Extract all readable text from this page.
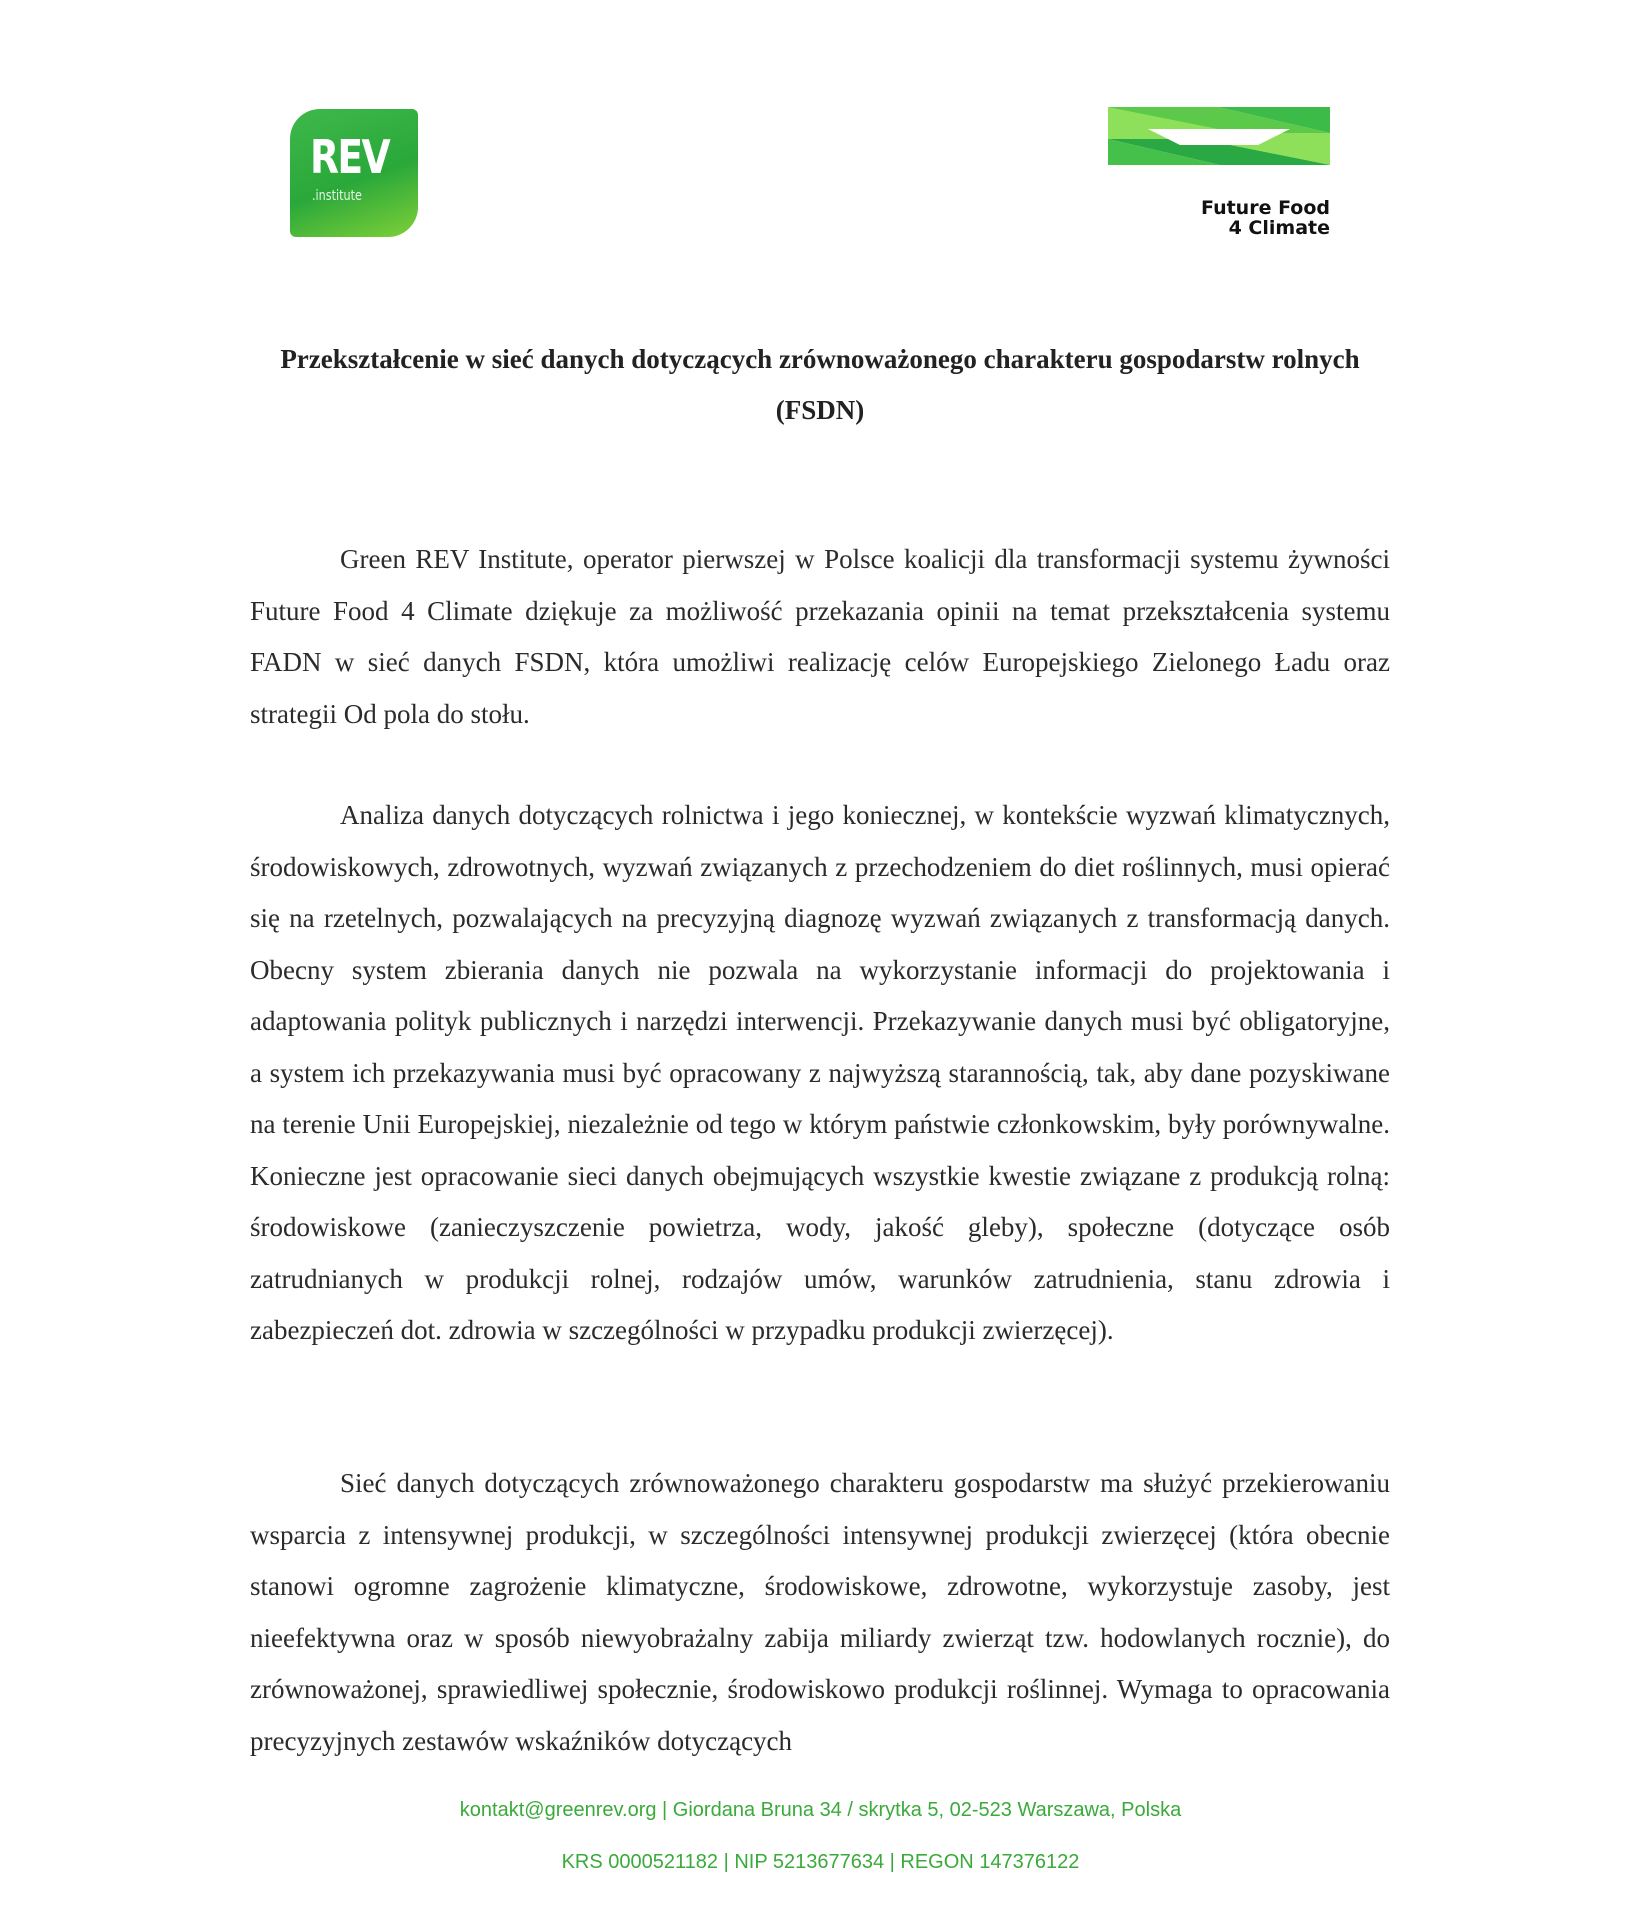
REV
.institute
Future Food
4 Climate
Przekształcenie w sieć danych dotyczących zrównoważonego charakteru gospodarstw rolnych (FSDN)

Green REV Institute, operator pierwszej w Polsce koalicji dla transformacji systemu żywności Future Food 4 Climate dziękuje za możliwość przekazania opinii na temat przekształcenia systemu FADN w sieć danych FSDN, która umożliwi realizację celów Europejskiego Zielonego Ładu oraz strategii Od pola do stołu.

Analiza danych dotyczących rolnictwa i jego koniecznej, w kontekście wyzwań klimatycznych, środowiskowych, zdrowotnych, wyzwań związanych z przechodzeniem do diet roślinnych, musi opierać się na rzetelnych, pozwalających na precyzyjną diagnozę wyzwań związanych z transformacją danych. Obecny system zbierania danych nie pozwala na wykorzystanie informacji do projektowania i adaptowania polityk publicznych i narzędzi interwencji. Przekazywanie danych musi być obligatoryjne, a system ich przekazywania musi być opracowany z najwyższą starannością, tak, aby dane pozyskiwane na terenie Unii Europejskiej, niezależnie od tego w którym państwie członkowskim, były porównywalne. Konieczne jest opracowanie sieci danych obejmujących wszystkie kwestie związane z produkcją rolną: środowiskowe (zanieczyszczenie powietrza, wody, jakość gleby), społeczne (dotyczące osób zatrudnianych w produkcji rolnej, rodzajów umów, warunków zatrudnienia, stanu zdrowia i zabezpieczeń dot. zdrowia w szczególności w przypadku produkcji zwierzęcej).

Sieć danych dotyczących zrównoważonego charakteru gospodarstw ma służyć przekierowaniu wsparcia z intensywnej produkcji, w szczególności intensywnej produkcji zwierzęcej (która obecnie stanowi ogromne zagrożenie klimatyczne, środowiskowe, zdrowotne, wykorzystuje zasoby, jest nieefektywna oraz w sposób niewyobrażalny zabija miliardy zwierząt tzw. hodowlanych rocznie), do zrównoważonej, sprawiedliwej społecznie, środowiskowo produkcji roślinnej. Wymaga to opracowania precyzyjnych zestawów wskaźników dotyczących

kontakt@greenrev.org | Giordana Bruna 34 / skrytka 5, 02-523 Warszawa, Polska
KRS 0000521182 | NIP 5213677634 | REGON 147376122
